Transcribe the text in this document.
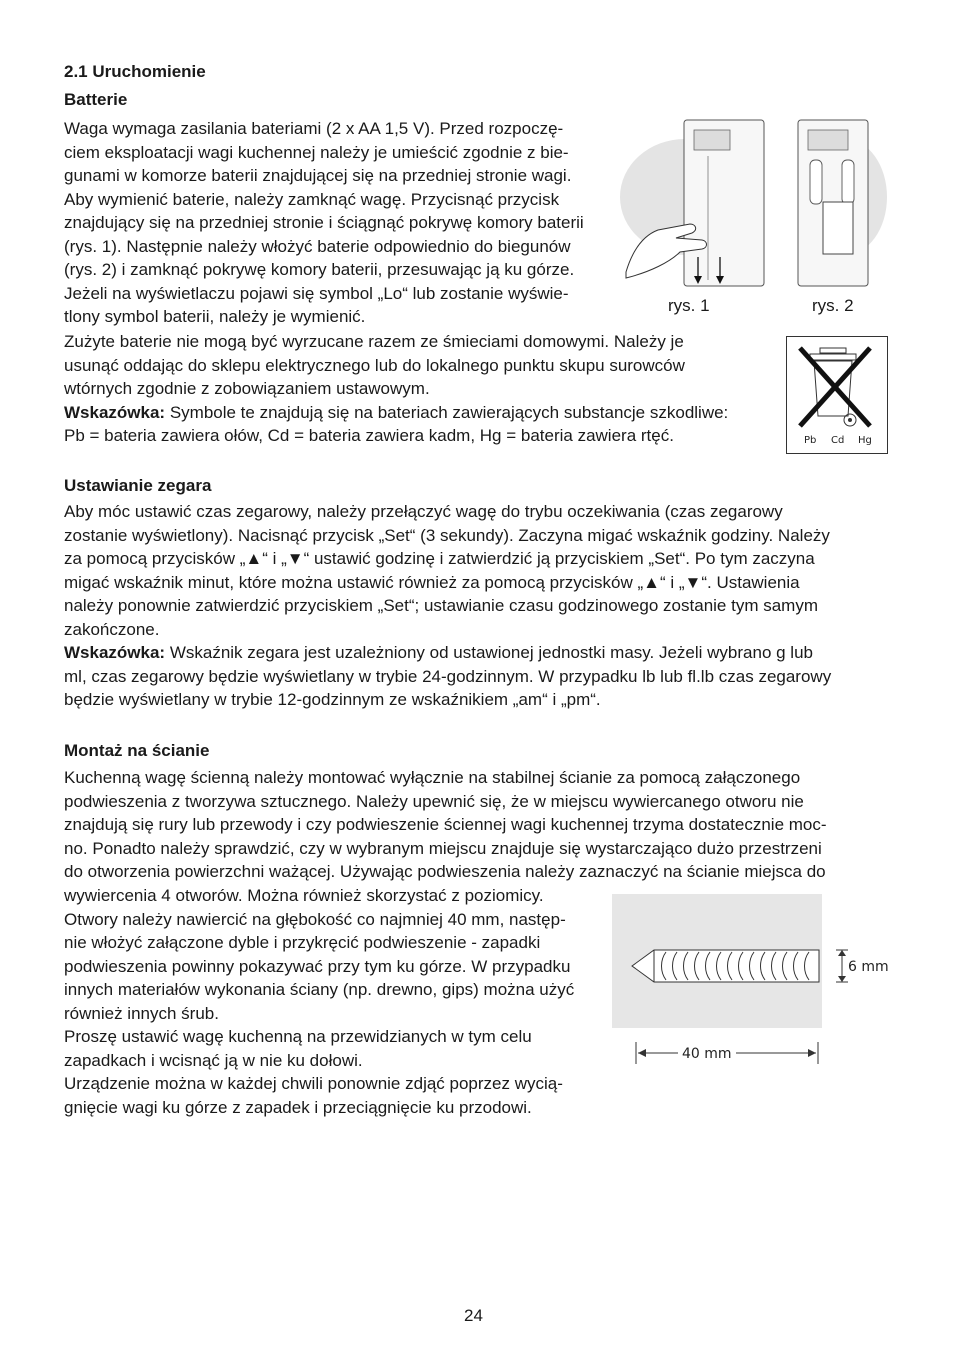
2.1 Uruchomienie
Batterie
Waga wymaga zasilania bateriami (2 x AA 1,5 V). Przed rozpoczę-
ciem eksploatacji wagi kuchennej należy je umieścić zgodnie z bie-
gunami w komorze baterii znajdującej się na przedniej stronie wagi.
Aby wymienić baterie, należy zamknąć wagę. Przycisnąć przycisk
znajdujący się na przedniej stronie i ściągnąć pokrywę komory baterii
(rys. 1). Następnie należy włożyć baterie odpowiednio do biegunów
(rys. 2) i zamknąć pokrywę komory baterii, przesuwając ją ku górze.
Jeżeli na wyświetlaczu pojawi się symbol „Lo“ lub zostanie wyświe-
tlony symbol baterii, należy je wymienić.
rys. 1	rys. 2
Zużyte baterie nie mogą być wyrzucane razem ze śmieciami domowymi. Należy je
usunąć oddając do sklepu elektrycznego lub do lokalnego punktu skupu surowców
wtórnych zgodnie z zobowiązaniem ustawowym.
Wskazówka: Symbole te znajdują się na bateriach zawierających substancje szkodliwe:
Pb = bateria zawiera ołów, Cd = bateria zawiera kadm, Hg = bateria zawiera rtęć.	Pb Cd Hg
Ustawianie zegara
Aby móc ustawić czas zegarowy, należy przełączyć wagę do trybu oczekiwania (czas zegarowy
zostanie wyświetlony). Nacisnąć przycisk „Set“ (3 sekundy). Zaczyna migać wskaźnik godziny. Należy
za pomocą przycisków „▲“ i „▼“ ustawić godzinę i zatwierdzić ją przyciskiem „Set“. Po tym zaczyna
migać wskaźnik minut, które można ustawić również za pomocą przycisków „▲“ i „▼“. Ustawienia
należy ponownie zatwierdzić przyciskiem „Set“; ustawianie czasu godzinowego zostanie tym samym
zakończone.
Wskazówka: Wskaźnik zegara jest uzależniony od ustawionej jednostki masy. Jeżeli wybrano g lub
ml, czas zegarowy będzie wyświetlany w trybie 24-godzinnym. W przypadku lb lub fl.lb czas zegarowy
będzie wyświetlany w trybie 12-godzinnym ze wskaźnikiem „am“ i „pm“.
Montaż na ścianie
Kuchenną wagę ścienną należy montować wyłącznie na stabilnej ścianie za pomocą załączonego
podwieszenia z tworzywa sztucznego. Należy upewnić się, że w miejscu wywiercanego otworu nie
znajdują się rury lub przewody i czy podwieszenie ściennej wagi kuchennej trzyma dostatecznie moc-
no. Ponadto należy sprawdzić, czy w wybranym miejscu znajduje się wystarczająco dużo przestrzeni
do otworzenia powierzchni ważącej. Używając podwieszenia należy zaznaczyć na ścianie miejsca do
wywiercenia 4 otworów. Można również skorzystać z poziomicy.
Otwory należy nawiercić na głębokość co najmniej 40 mm, następ-
nie włożyć załączone dyble i przykręcić podwieszenie - zapadki
podwieszenia powinny pokazywać przy tym ku górze. W przypadku
innych materiałów wykonania ściany (np. drewno, gips) można użyć
również innych śrub.
Proszę ustawić wagę kuchenną na przewidzianych w tym celu
zapadkach i wcisnąć ją w nie ku dołowi.
Urządzenie można w każdej chwili ponownie zdjąć poprzez wycią-
gnięcie wagi ku górze z zapadek i przeciągnięcie ku przodowi.
6 mm
40 mm
24
